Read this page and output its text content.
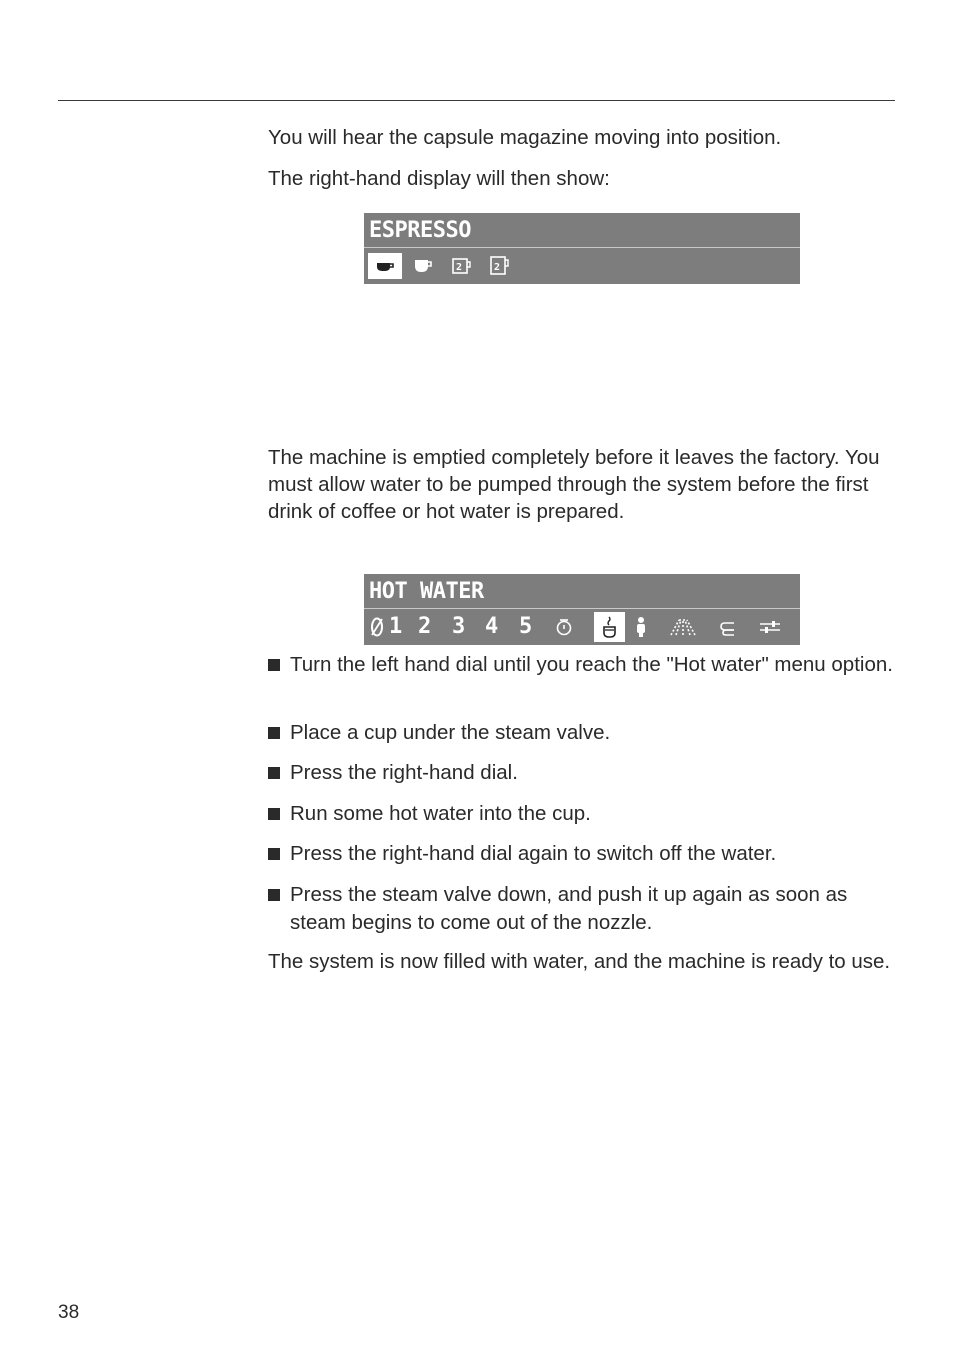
You will hear the capsule magazine moving into position.

The right-hand display will then show:

ESPRESSO
2	2

The machine is emptied completely before it leaves the factory. You must allow water to be pumped through the system before the first drink of coffee or hot water is prepared.

HOT WATER
1 2 3 4 5
Turn the left hand dial until you reach the "Hot water" menu option.
Place a cup under the steam valve.
Press the right-hand dial.
Run some hot water into the cup.
Press the right-hand dial again to switch off the water.
Press the steam valve down, and push it up again as soon as steam begins to come out of the nozzle.

The system is now filled with water, and the machine is ready to use.

38
